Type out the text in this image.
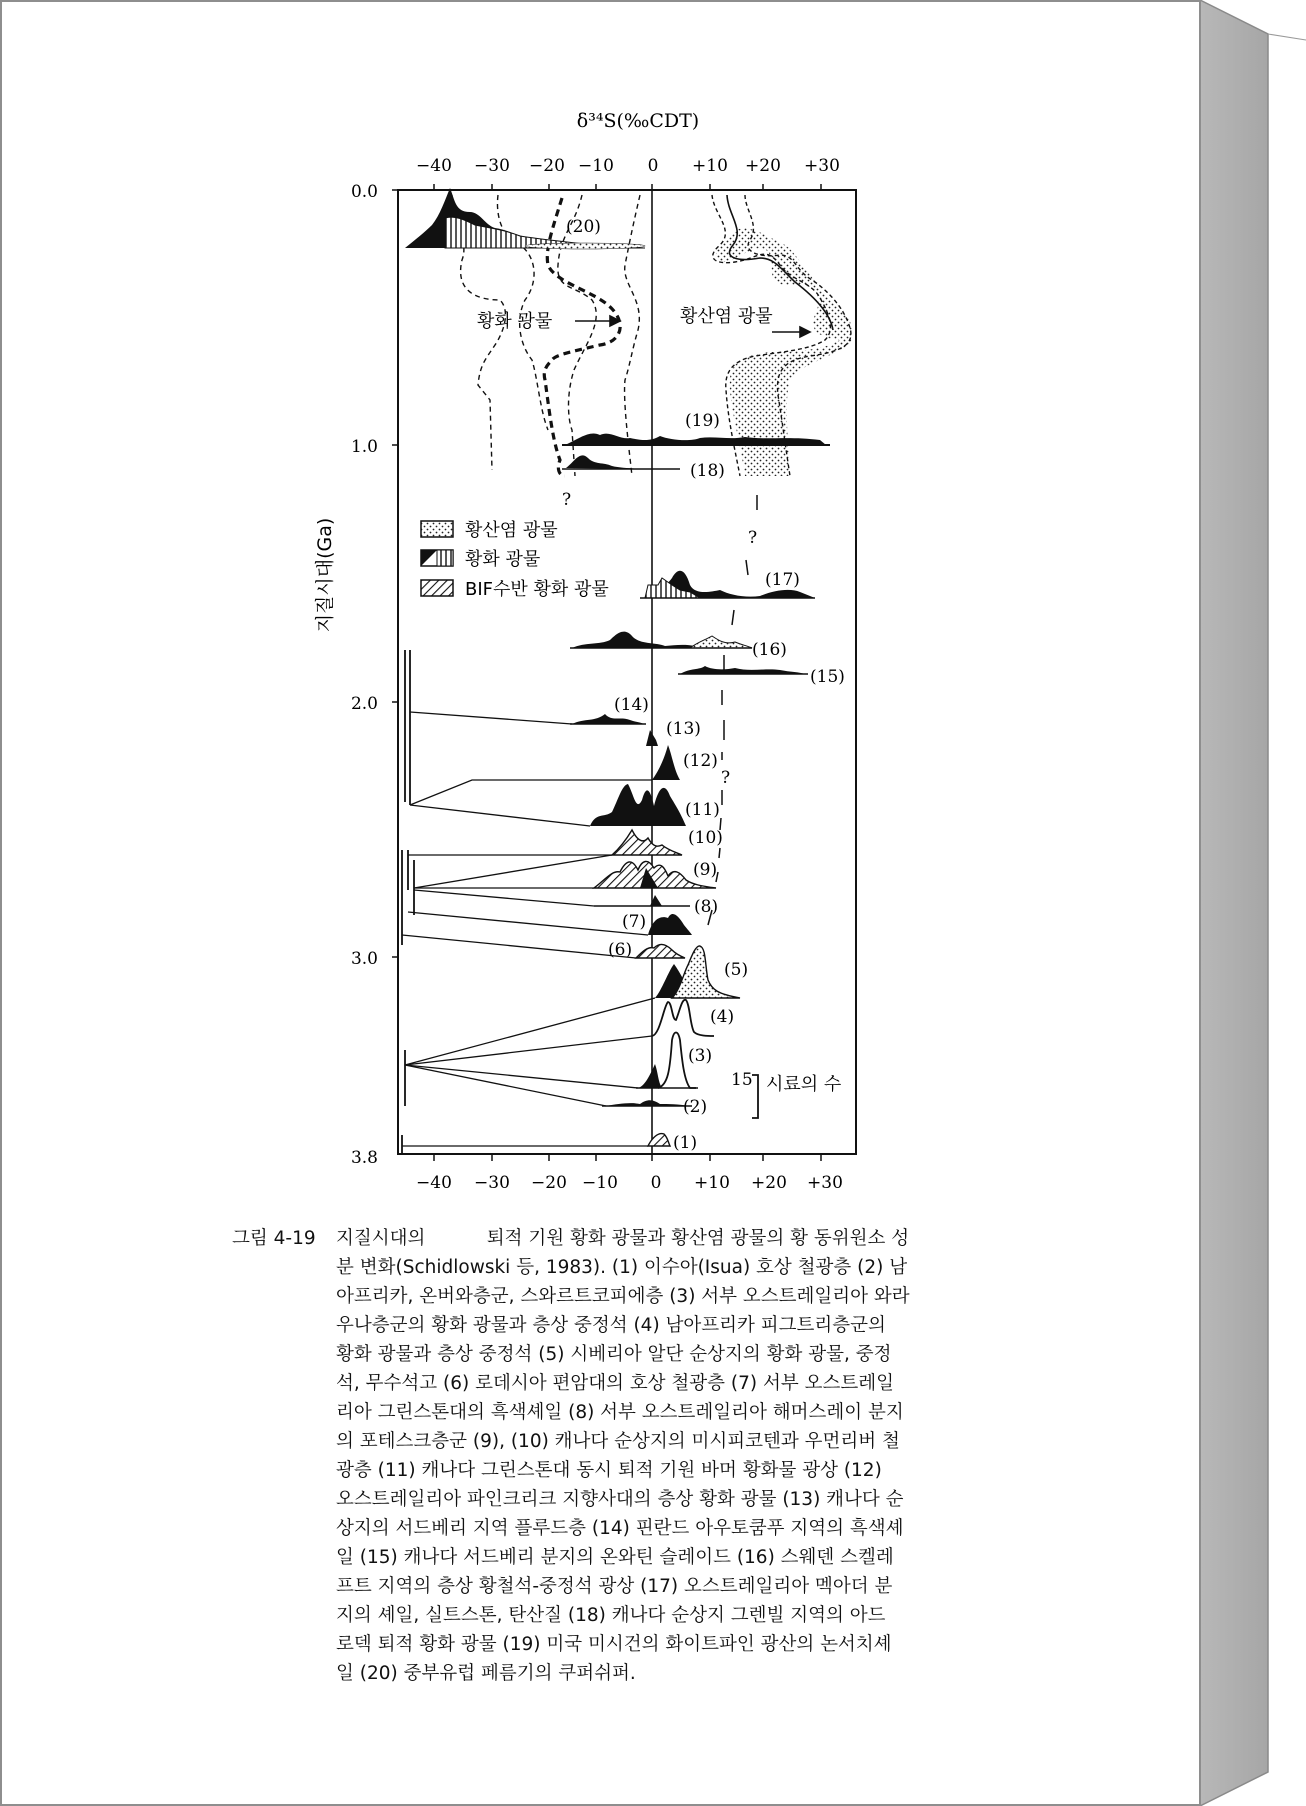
δ³⁴S(‰CDT)
−40 −30 −20 −10 0 +10 +20 +30
−40 −30 −20 −10 0 +10 +20 +30
0.0
1.0
2.0
3.0
3.8
지질시대(Ga)
황화 광물	황산염 광물
?
?
?
(20)
(19)
(18)
황산염 광물
황화 광물
BIF수반 황화 광물	(17)
(16)
(15)
(14)
(13)
(12)
(11)
(10)
(9)
(8)
(7)
(6)
(5)
(4)
(3)
(2)
(1)
15 시료의 수
그림 4-19	지질시대의 　　　퇴적 기원 황화 광물과 황산염 광물의 황 동위원소 성
분 변화(Schidlowski 등, 1983). (1) 이수아(Isua) 호상 철광층 (2) 남
아프리카, 온버와층군, 스와르트코피에층 (3) 서부 오스트레일리아 와라
우나층군의 황화 광물과 층상 중정석 (4) 남아프리카 피그트리층군의
황화 광물과 층상 중정석 (5) 시베리아 알단 순상지의 황화 광물, 중정
석, 무수석고 (6) 로데시아 편암대의 호상 철광층 (7) 서부 오스트레일
리아 그린스톤대의 흑색셰일 (8) 서부 오스트레일리아 해머스레이 분지
의 포테스크층군 (9), (10) 캐나다 순상지의 미시피코텐과 우먼리버 철
광층 (11) 캐나다 그린스톤대 동시 퇴적 기원 바머 황화물 광상 (12)
오스트레일리아 파인크리크 지향사대의 층상 황화 광물 (13) 캐나다 순
상지의 서드베리 지역 플루드층 (14) 핀란드 아우토쿰푸 지역의 흑색셰
일 (15) 캐나다 서드베리 분지의 온와틴 슬레이드 (16) 스웨덴 스켈레
프트 지역의 층상 황철석-중정석 광상 (17) 오스트레일리아 멕아더 분
지의 셰일, 실트스톤, 탄산질 (18) 캐나다 순상지 그렌빌 지역의 아드
로덱 퇴적 황화 광물 (19) 미국 미시건의 화이트파인 광산의 논서치셰
일 (20) 중부유럽 페름기의 쿠퍼쉬퍼.
